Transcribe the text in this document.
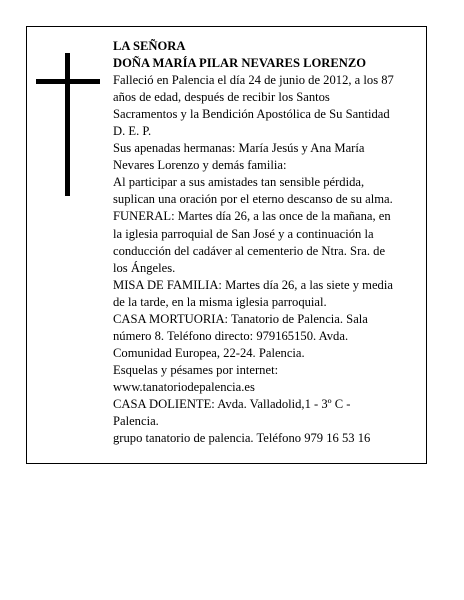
LA SEÑORA
DOÑA MARÍA PILAR NEVARES LORENZO
Falleció en Palencia el día 24 de junio de 2012, a los 87
años de edad, después de recibir los Santos
Sacramentos y la Bendición Apostólica de Su Santidad
D. E. P.
Sus apenadas hermanas: María Jesús y Ana María
Nevares Lorenzo y demás familia:
Al participar a sus amistades tan sensible pérdida,
suplican una oración por el eterno descanso de su alma.
FUNERAL: Martes día 26, a las once de la mañana, en
la iglesia parroquial de San José y a continuación la
conducción del cadáver al cementerio de Ntra. Sra. de
los Ángeles.
MISA DE FAMILIA: Martes día 26, a las siete y media
de la tarde, en la misma iglesia parroquial.
CASA MORTUORIA: Tanatorio de Palencia. Sala
número 8. Teléfono directo: 979165150. Avda.
Comunidad Europea, 22-24. Palencia.
Esquelas y pésames por internet:
www.tanatoriodepalencia.es
CASA DOLIENTE: Avda. Valladolid,1 - 3º C -
Palencia.
grupo tanatorio de palencia. Teléfono 979 16 53 16
